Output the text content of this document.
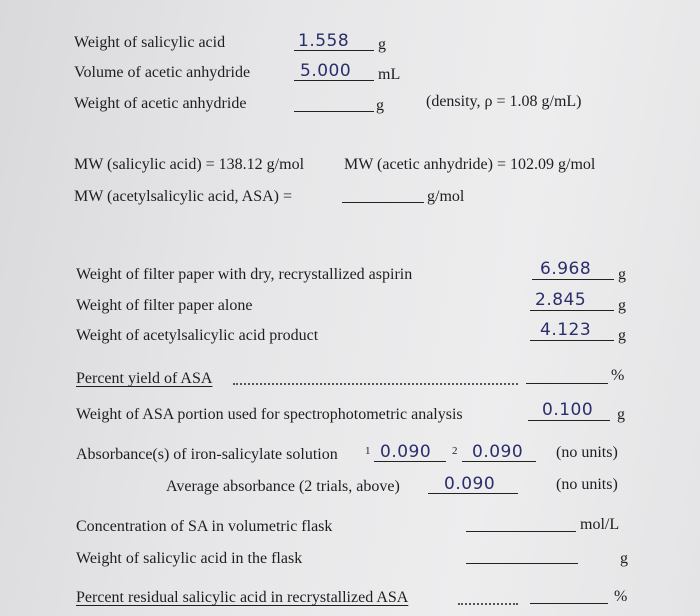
Weight of salicylic acid	1.558 g
Volume of acetic anhydride	5.000 mL
Weight of acetic anhydride	g	(density, ρ = 1.08 g/mL)
MW (salicylic acid) = 138.12 g/mol MW (acetic anhydride) = 102.09 g/mol
MW (acetylsalicylic acid, ASA) =	g/mol
Weight of filter paper with dry, recrystallized aspirin	6.968 g
Weight of filter paper alone	2.845 g
Weight of acetylsalicylic acid product	4.123 g
Percent yield of ASA	%
Weight of ASA portion used for spectrophotometric analysis	0.100 g
Absorbance(s) of iron-salicylate solution 1 0.090 2 0.090 (no units)
Average absorbance (2 trials, above)	0.090	(no units)
Concentration of SA in volumetric flask	mol/L
Weight of salicylic acid in the flask	g
Percent residual salicylic acid in recrystallized ASA	%
